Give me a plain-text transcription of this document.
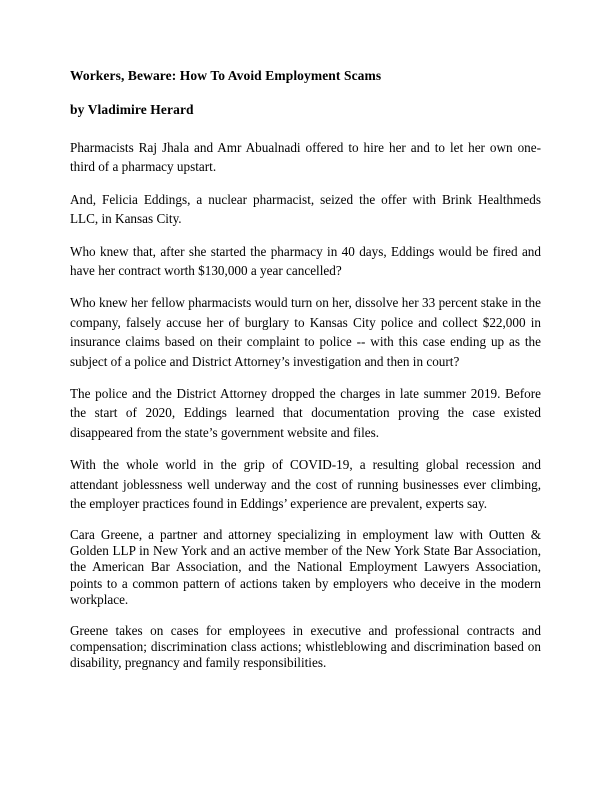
Workers, Beware: How To Avoid Employment Scams

by Vladimire Herard

Pharmacists Raj Jhala and Amr Abualnadi offered to hire her and to let her own one-third of a pharmacy upstart.

And, Felicia Eddings, a nuclear pharmacist, seized the offer with Brink Healthmeds LLC, in Kansas City.

Who knew that, after she started the pharmacy in 40 days, Eddings would be fired and have her contract worth $130,000 a year cancelled?

Who knew her fellow pharmacists would turn on her, dissolve her 33 percent stake in the company, falsely accuse her of burglary to Kansas City police and collect $22,000 in insurance claims based on their complaint to police -- with this case ending up as the subject of a police and District Attorney’s investigation and then in court?

The police and the District Attorney dropped the charges in late summer 2019. Before the start of 2020, Eddings learned that documentation proving the case existed disappeared from the state’s government website and files.

With the whole world in the grip of COVID-19, a resulting global recession and attendant joblessness well underway and the cost of running businesses ever climbing, the employer practices found in Eddings’ experience are prevalent, experts say.

Cara Greene, a partner and attorney specializing in employment law with Outten & Golden LLP in New York and an active member of the New York State Bar Association, the American Bar Association, and the National Employment Lawyers Association, points to a common pattern of actions taken by employers who deceive in the modern workplace.

Greene takes on cases for employees in executive and professional contracts and compensation; discrimination class actions; whistleblowing and discrimination based on disability, pregnancy and family responsibilities.
